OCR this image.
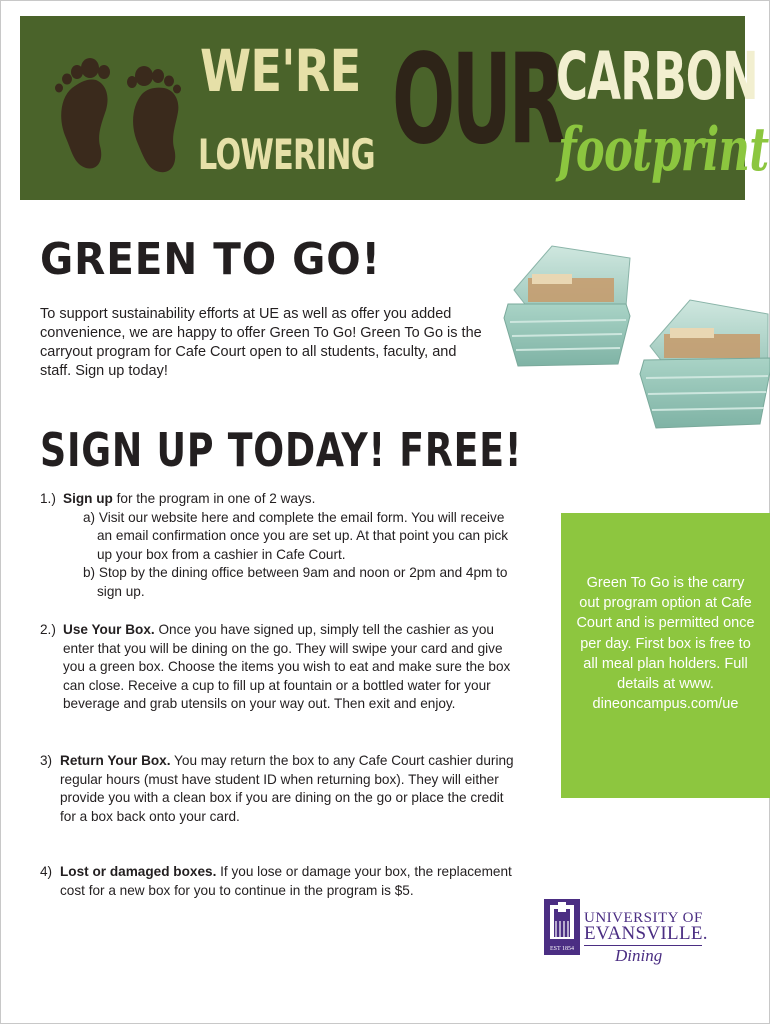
WE'RE
LOWERING OUR
CARBON
footprint
GREEN TO GO!
To support sustainability efforts at UE as well as offer you added convenience, we are happy to offer Green To Go! Green To Go is the carryout program for Cafe Court open to all students, faculty, and staff. Sign up today!
SIGN UP TODAY! FREE!
1.) Sign up for the program in one of 2 ways.
a) Visit our website here and complete the email form. You will receive an email confirmation once you are set up. At that point you can pick up your box from a cashier in Cafe Court.
b) Stop by the dining office between 9am and noon or 2pm and 4pm to sign up.
2.) Use Your Box. Once you have signed up, simply tell the cashier as you enter that you will be dining on the go. They will swipe your card and give you a green box. Choose the items you wish to eat and make sure the box can close. Receive a cup to fill up at fountain or a bottled water for your beverage and grab utensils on your way out. Then exit and enjoy.
3) Return Your Box. You may return the box to any Cafe Court cashier during regular hours (must have student ID when returning box). They will either provide you with a clean box if you are dining on the go or place the credit for a box back onto your card.
4) Lost or damaged boxes. If you lose or damage your box, the replacement cost for a new box for you to continue in the program is $5.
Green To Go is the carry out program option at Cafe Court and is permitted once per day. First box is free to all meal plan holders. Full details at www. dineoncampus.com/ue
EST 1854
UNIVERSITY OF
EVANSVILLE.
Dining
